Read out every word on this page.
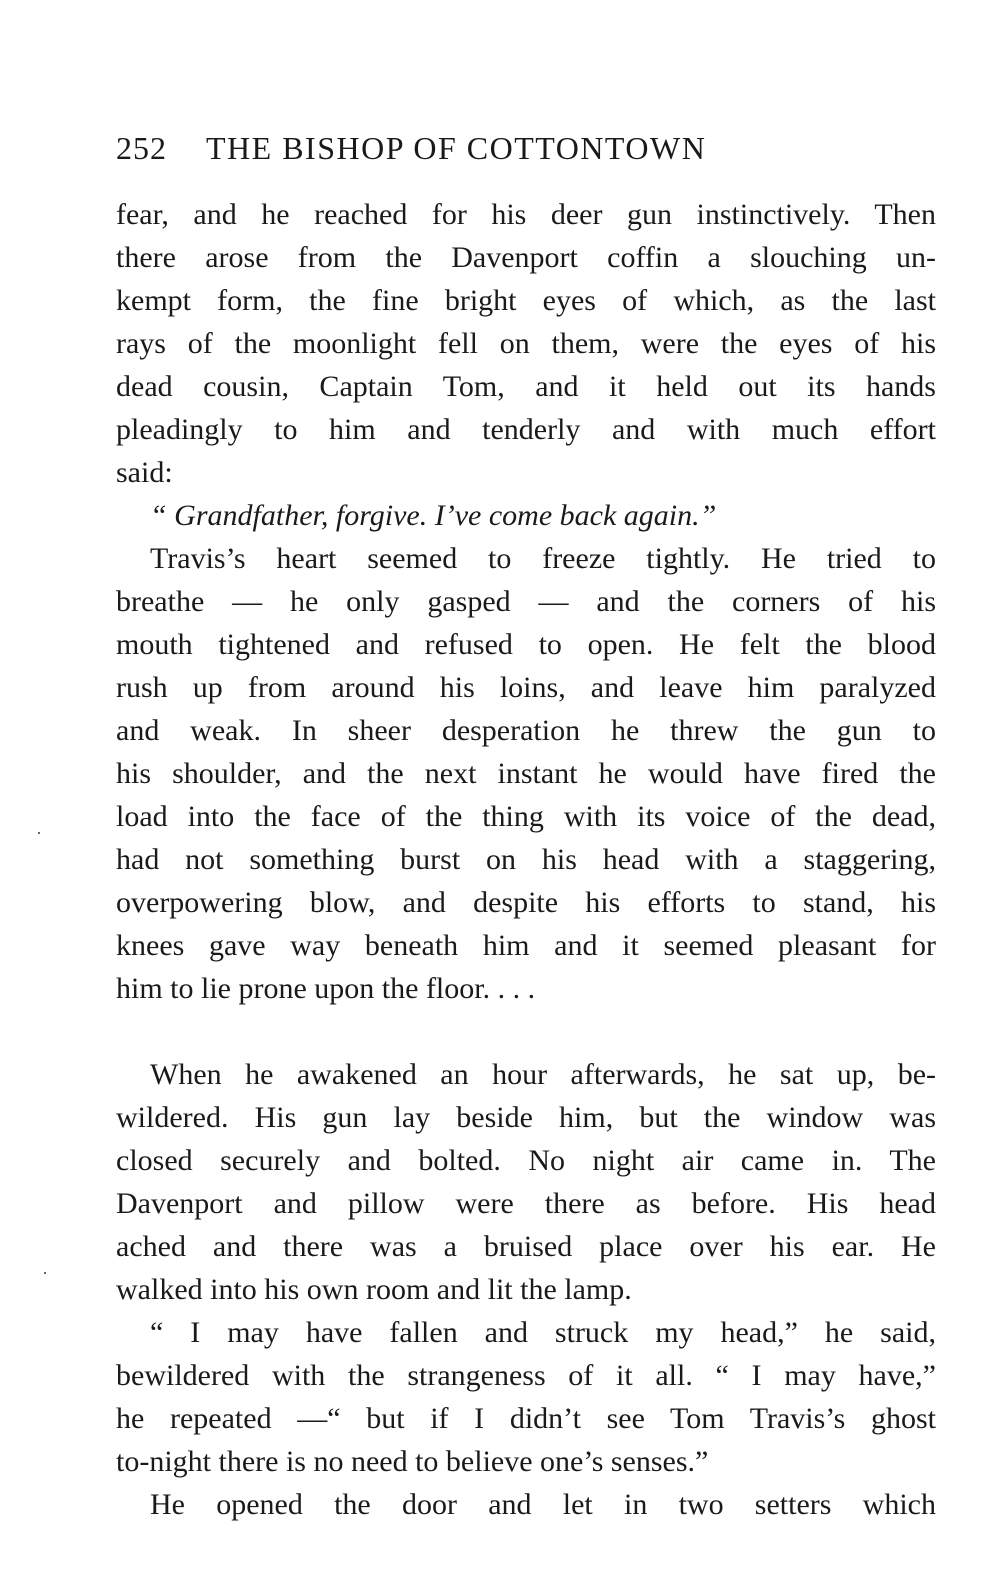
252 THE BISHOP OF COTTONTOWN
fear, and he reached for his deer gun instinctively. Then
there arose from the Davenport coffin a slouching un-
kempt form, the fine bright eyes of which, as the last
rays of the moonlight fell on them, were the eyes of his
dead cousin, Captain Tom, and it held out its hands
pleadingly to him and tenderly and with much effort
said:
“ Grandfather, forgive. I’ve come back again.”
Travis’s heart seemed to freeze tightly. He tried to
breathe — he only gasped — and the corners of his
mouth tightened and refused to open. He felt the blood
rush up from around his loins, and leave him paralyzed
and weak. In sheer desperation he threw the gun to
his shoulder, and the next instant he would have fired the
load into the face of the thing with its voice of the dead,
had not something burst on his head with a staggering,
overpowering blow, and despite his efforts to stand, his
knees gave way beneath him and it seemed pleasant for
him to lie prone upon the floor. . . .
When he awakened an hour afterwards, he sat up, be-
wildered. His gun lay beside him, but the window was
closed securely and bolted. No night air came in. The
Davenport and pillow were there as before. His head
ached and there was a bruised place over his ear. He
walked into his own room and lit the lamp.
“ I may have fallen and struck my head,” he said,
bewildered with the strangeness of it all. “ I may have,”
he repeated —“ but if I didn’t see Tom Travis’s ghost
to-night there is no need to believe one’s senses.”
He opened the door and let in two setters which
